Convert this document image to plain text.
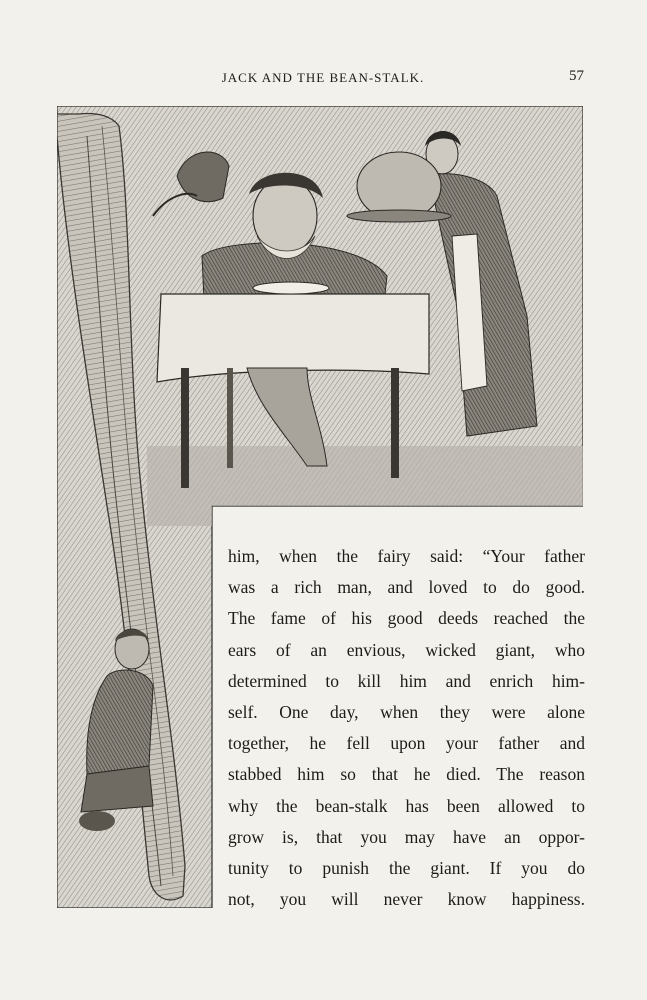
JACK AND THE BEAN-STALK.	57
him, when the fairy said: “Your father
was a rich man, and loved to do good.
The fame of his good deeds reached the
ears of an envious, wicked giant, who
determined to kill him and enrich him-
self. One day, when they were alone
together, he fell upon your father and
stabbed him so that he died. The reason
why the bean-stalk has been allowed to
grow is, that you may have an oppor-
tunity to punish the giant. If you do
not, you will never know happiness.
